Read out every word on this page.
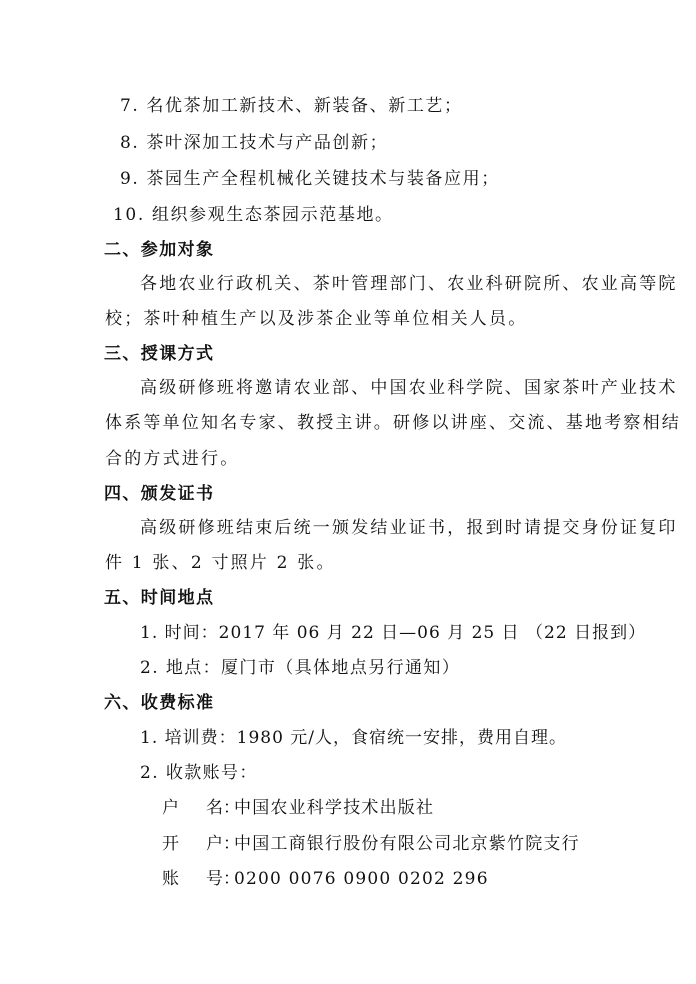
7. 名优茶加工新技术、新装备、新工艺；
8. 茶叶深加工技术与产品创新；
9. 茶园生产全程机械化关键技术与装备应用；
10. 组织参观生态茶园示范基地。
二、参加对象
各地农业行政机关、茶叶管理部门、农业科研院所、农业高等院
校；茶叶种植生产以及涉茶企业等单位相关人员。
三、授课方式
高级研修班将邀请农业部、中国农业科学院、国家茶叶产业技术
体系等单位知名专家、教授主讲。研修以讲座、交流、基地考察相结
合的方式进行。
四、颁发证书
高级研修班结束后统一颁发结业证书，报到时请提交身份证复印
件 1 张、2 寸照片 2 张。
五、时间地点
1. 时间：2017 年 06 月 22 日—06 月 25 日 （22 日报到）
2. 地点：厦门市（具体地点另行通知）
六、收费标准
1. 培训费：1980 元/人，食宿统一安排，费用自理。
2. 收款账号：
户 名：中国农业科学技术出版社
开 户：中国工商银行股份有限公司北京紫竹院支行
账 号：0200 0076 0900 0202 296
